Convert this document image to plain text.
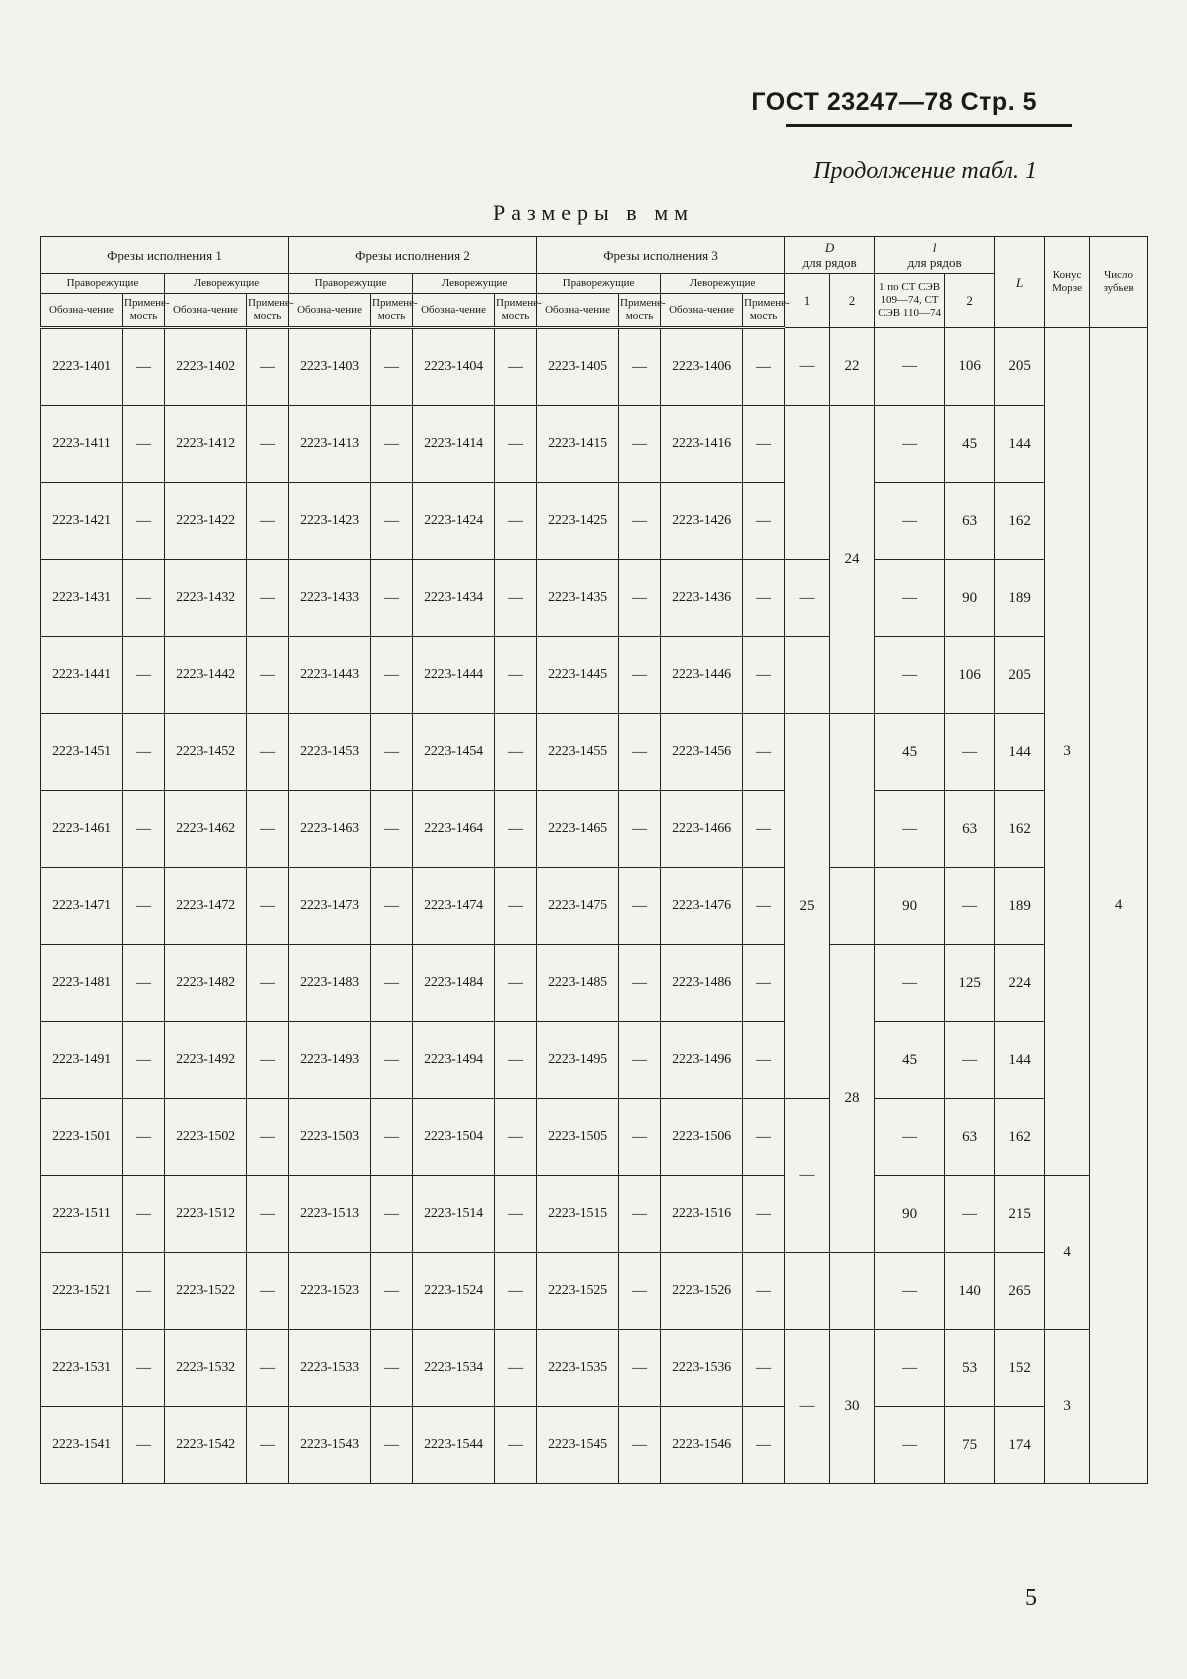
ГОСТ 23247—78 Стр. 5
Продолжение табл. 1
Размеры в мм
Фрезы исполнения 1				Фрезы исполнения 2				Фрезы исполнения 3				D
для рядов		l
для рядов		L	Конус Морзе	Число зубьев
Праворежущие		Леворежущие		Праворежущие		Леворежущие		Праворежущие		Леворежущие		1	2	1 по СТ СЭВ 109—74, СТ СЭВ 110—74	2			
Обозна-чение	Примене-мость	Обозна-чение	Примене-мость	Обозна-чение	Примене-мость	Обозна-чение	Примене-мость	Обозна-чение	Примене-мость	Обозна-чение	Примене-мость							
2223-1401	—	2223-1402	—	2223-1403	—	2223-1404	—	2223-1405	—	2223-1406	—	—	22	—	106	205	3	4
2223-1411	—	2223-1412	—	2223-1413	—	2223-1414	—	2223-1415	—	2223-1416	—		24	—	45	144		
2223-1421	—	2223-1422	—	2223-1423	—	2223-1424	—	2223-1425	—	2223-1426	—			—	63	162		
2223-1431	—	2223-1432	—	2223-1433	—	2223-1434	—	2223-1435	—	2223-1436	—	—		—	90	189		
2223-1441	—	2223-1442	—	2223-1443	—	2223-1444	—	2223-1445	—	2223-1446	—			—	106	205		
2223-1451	—	2223-1452	—	2223-1453	—	2223-1454	—	2223-1455	—	2223-1456	—	25		45	—	144		
2223-1461	—	2223-1462	—	2223-1463	—	2223-1464	—	2223-1465	—	2223-1466	—			—	63	162		
2223-1471	—	2223-1472	—	2223-1473	—	2223-1474	—	2223-1475	—	2223-1476	—			90	—	189		
2223-1481	—	2223-1482	—	2223-1483	—	2223-1484	—	2223-1485	—	2223-1486	—		28	—	125	224		
2223-1491	—	2223-1492	—	2223-1493	—	2223-1494	—	2223-1495	—	2223-1496	—			45	—	144		
2223-1501	—	2223-1502	—	2223-1503	—	2223-1504	—	2223-1505	—	2223-1506	—	—		—	63	162		
2223-1511	—	2223-1512	—	2223-1513	—	2223-1514	—	2223-1515	—	2223-1516	—			90	—	215	4	
2223-1521	—	2223-1522	—	2223-1523	—	2223-1524	—	2223-1525	—	2223-1526	—			—	140	265		
2223-1531	—	2223-1532	—	2223-1533	—	2223-1534	—	2223-1535	—	2223-1536	—	—	30	—	53	152	3	
2223-1541	—	2223-1542	—	2223-1543	—	2223-1544	—	2223-1545	—	2223-1546	—			—	75	174		
5
